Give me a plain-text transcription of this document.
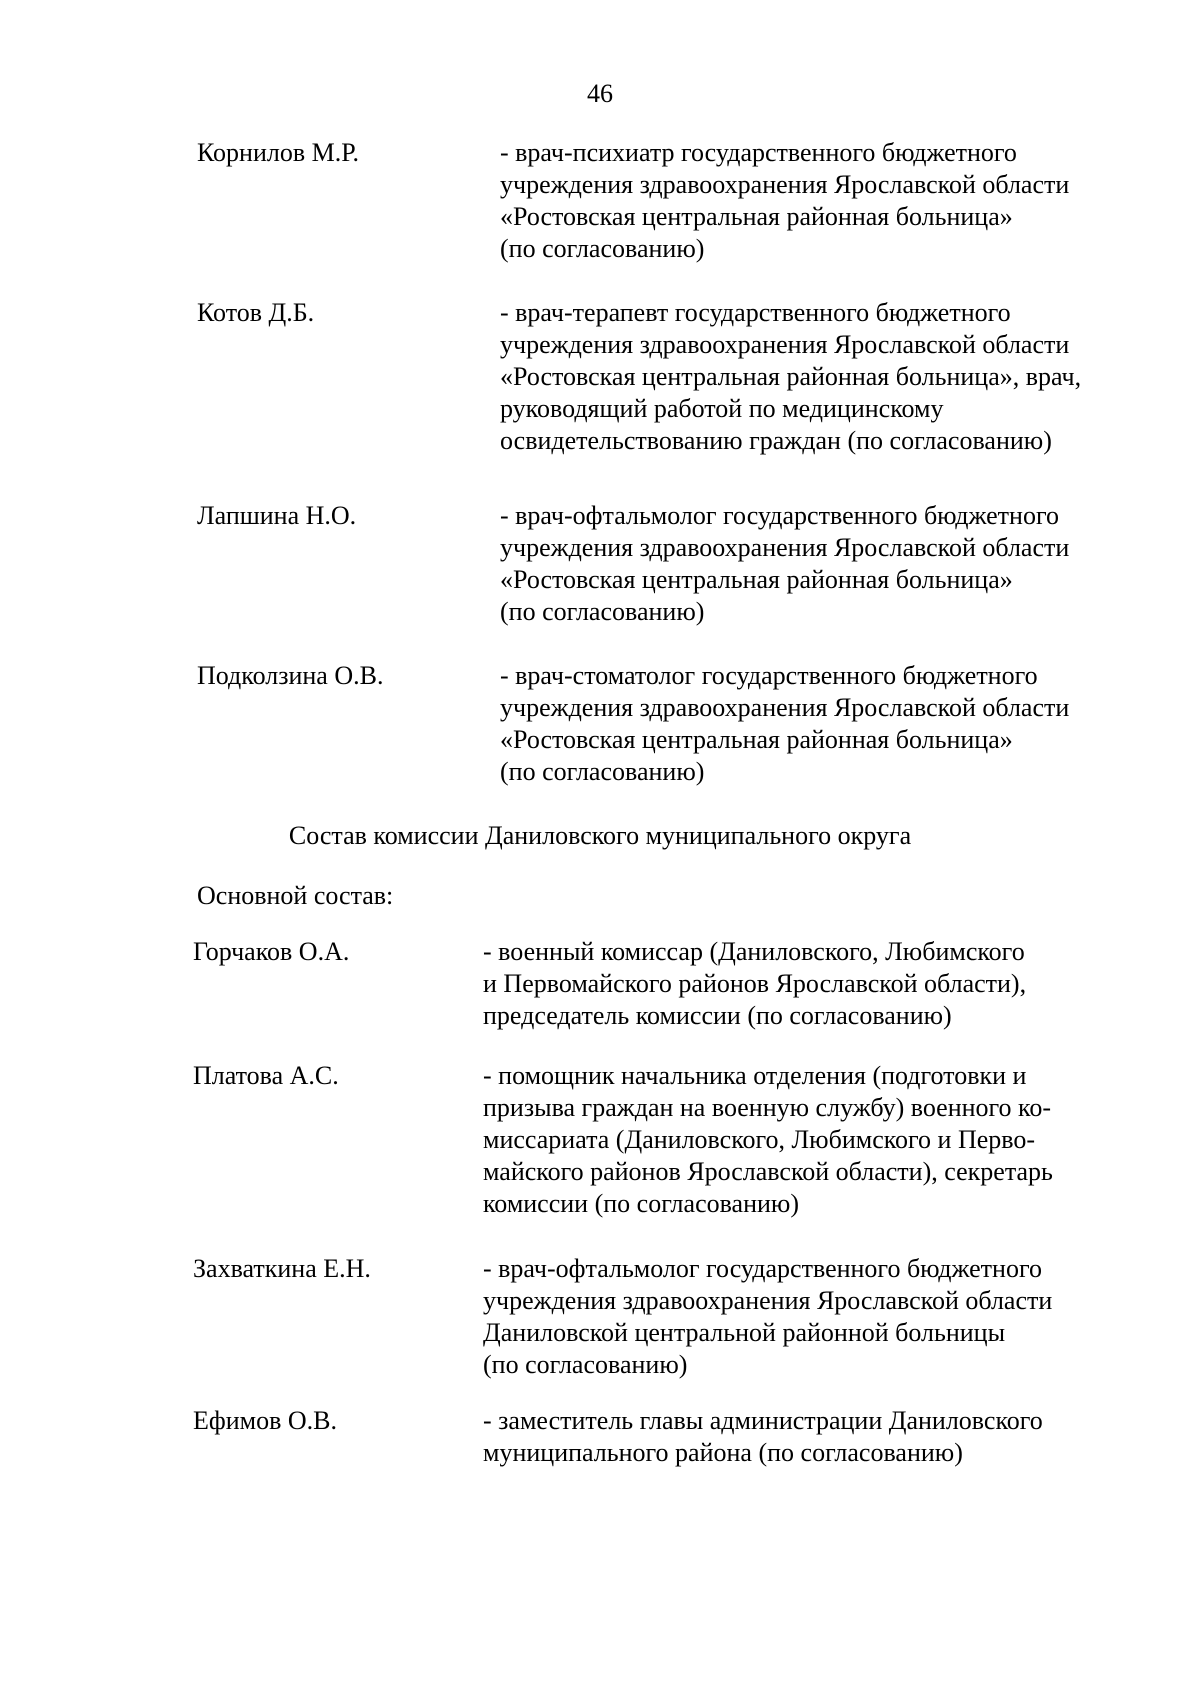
46
Корнилов М.Р.	- врач-психиатр государственного бюджетного
учреждения здравоохранения Ярославской области
«Ростовская центральная районная больница»
(по согласованию)
Котов Д.Б.	- врач-терапевт государственного бюджетного
учреждения здравоохранения Ярославской области
«Ростовская центральная районная больница», врач,
руководящий работой по медицинскому
освидетельствованию граждан (по согласованию)
Лапшина Н.О.	- врач-офтальмолог государственного бюджетного
учреждения здравоохранения Ярославской области
«Ростовская центральная районная больница»
(по согласованию)
Подколзина О.В.	- врач-стоматолог государственного бюджетного
учреждения здравоохранения Ярославской области
«Ростовская центральная районная больница»
(по согласованию)
Состав комиссии Даниловского муниципального округа
Основной состав:
Горчаков О.А.	- военный комиссар (Даниловского, Любимского
и Первомайского районов Ярославской области),
председатель комиссии (по согласованию)
Платова А.С.	- помощник начальника отделения (подготовки и
призыва граждан на военную службу) военного ко-
миссариата (Даниловского, Любимского и Перво-
майского районов Ярославской области), секретарь
комиссии (по согласованию)
Захваткина Е.Н.	- врач-офтальмолог государственного бюджетного
учреждения здравоохранения Ярославской области
Даниловской центральной районной больницы
(по согласованию)
Ефимов О.В.	- заместитель главы администрации Даниловского
муниципального района (по согласованию)
